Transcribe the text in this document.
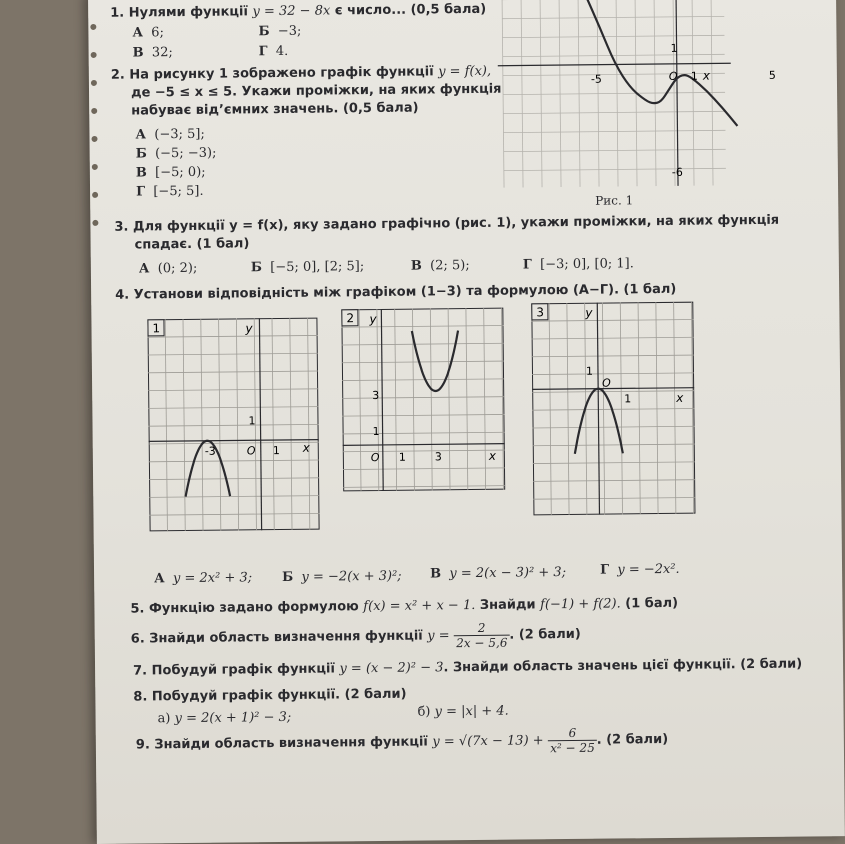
1. Нулями функції y = 32 − 8x є число... (0,5 бала)
А 6;	Б −3;
В 32;	Г 4.
2. На рисунку 1 зображено графік функції y = f(x),
де −5 ≤ x ≤ 5. Укажи проміжки, на яких функція
набуває від’ємних значень. (0,5 бала)
А (−3; 5];
Б (−5; −3);
В [−5; 0);
Г [−5; 5].
x
1
O 1	5
-5
-6
Рис. 1
3. Для функції y = f(x), яку задано графічно (рис. 1), укажи проміжки, на яких функція
спадає. (1 бал)
А (0; 2);	Б [−5; 0], [2; 5];	В (2; 5);	Г [−3; 0], [0; 1].
4. Установи відповідність між графіком (1−3) та формулою (А−Г). (1 бал)
1	y
1
-3	O 1 x
2 y
3
1
O 1	3	x
3	y
1
O
1	x
А y = 2x² + 3; Б y = −2(x + 3)²; В y = 2(x − 3)² + 3;	Г y = −2x².
5. Функцію задано формулою f(x) = x² + x − 1. Знайди f(−1) + f(2). (1 бал)
6. Знайди область визначення функції $y = \frac{2}{2x - 5,6}$ . (2 бали)
7. Побудуй графік функції y = (x − 2)² − 3. Знайди область значень цієї функції. (2 бали)
8. Побудуй графік функції. (2 бали)
а) y = 2(x + 1)² − 3;	б) y = |x| + 4.
9. Знайди область визначення функції $y = √(7x - 13) + \frac{6}{\text{x² − 25}}$ . (2 бали)
